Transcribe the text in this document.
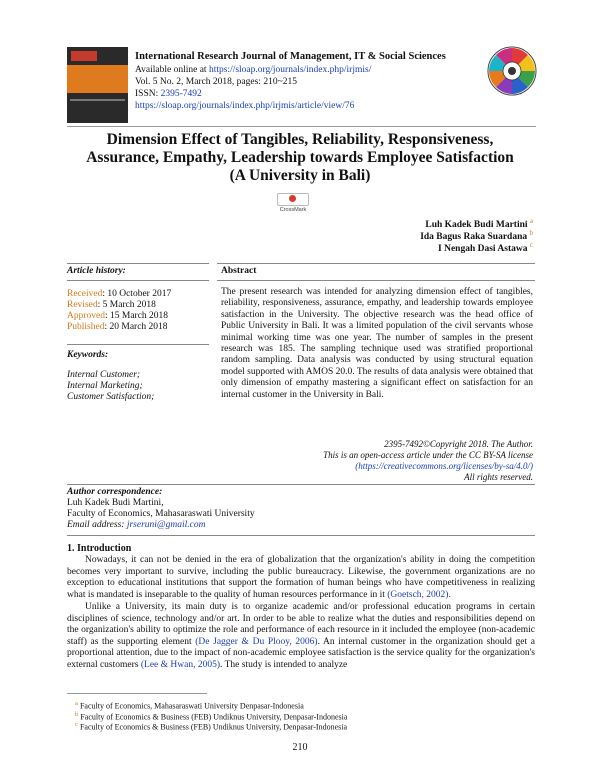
International Research Journal of Management, IT & Social Sciences
Available online at https://sloap.org/journals/index.php/irjmis/
Vol. 5 No. 2, March 2018, pages: 210~215
ISSN: 2395-7492
https://sloap.org/journals/index.php/irjmis/article/view/76
Dimension Effect of Tangibles, Reliability, Responsiveness,
Assurance, Empathy, Leadership towards Employee Satisfaction
(A University in Bali)
CrossMark
Luh Kadek Budi Martini $^a$
Ida Bagus Raka Suardana $^b$
I Nengah Dasi Astawa $^c$
Article history:	Abstract
Received: 10 October 2017
Revised: 5 March 2018
Approved: 15 March 2018
Published: 20 March 2018
Keywords:
Internal Customer;
Internal Marketing;
Customer Satisfaction;
The present research was intended for analyzing dimension effect of tangibles, reliability, responsiveness, assurance, empathy, and leadership towards employee satisfaction in the University. The objective research was the head office of Public University in Bali. It was a limited population of the civil servants whose minimal working time was one year. The number of samples in the present research was 185. The sampling technique used was stratified proportional random sampling. Data analysis was conducted by using structural equation model supported with AMOS 20.0. The results of data analysis were obtained that only dimension of empathy mastering a significant effect on satisfaction for an internal customer in the University in Bali.
2395-7492©Copyright 2018. The Author.
This is an open-access article under the CC BY-SA license
(https://creativecommons.org/licenses/by-sa/4.0/)
All rights reserved.
Author correspondence:
Luh Kadek Budi Martini,
Faculty of Economics, Mahasaraswati University
Email address: jrseruni@gmail.com
1. Introduction
Nowadays, it can not be denied in the era of globalization that the organization's ability in doing the competition becomes very important to survive, including the public bureaucracy. Likewise, the government organizations are no exception to educational institutions that support the formation of human beings who have competitiveness in realizing what is mandated is inseparable to the quality of human resources performance in it (Goetsch, 2002).
Unlike a University, its main duty is to organize academic and/or professional education programs in certain disciplines of science, technology and/or art. In order to be able to realize what the duties and responsibilities depend on the organization's ability to optimize the role and performance of each resource in it included the employee (non-academic staff) as the supporting element (De Jagger & Du Plooy, 2006). An internal customer in the organization should get a proportional attention, due to the impact of non-academic employee satisfaction is the service quality for the organization's external customers (Lee & Hwan, 2005). The study is intended to analyze
$^a$ Faculty of Economics, Mahasaraswati University Denpasar-Indonesia
$^b$ Faculty of Economics & Business (FEB) Undiknus University, Denpasar-Indonesia
$^c$ Faculty of Economics & Business (FEB) Undiknus University, Denpasar-Indonesia
210
